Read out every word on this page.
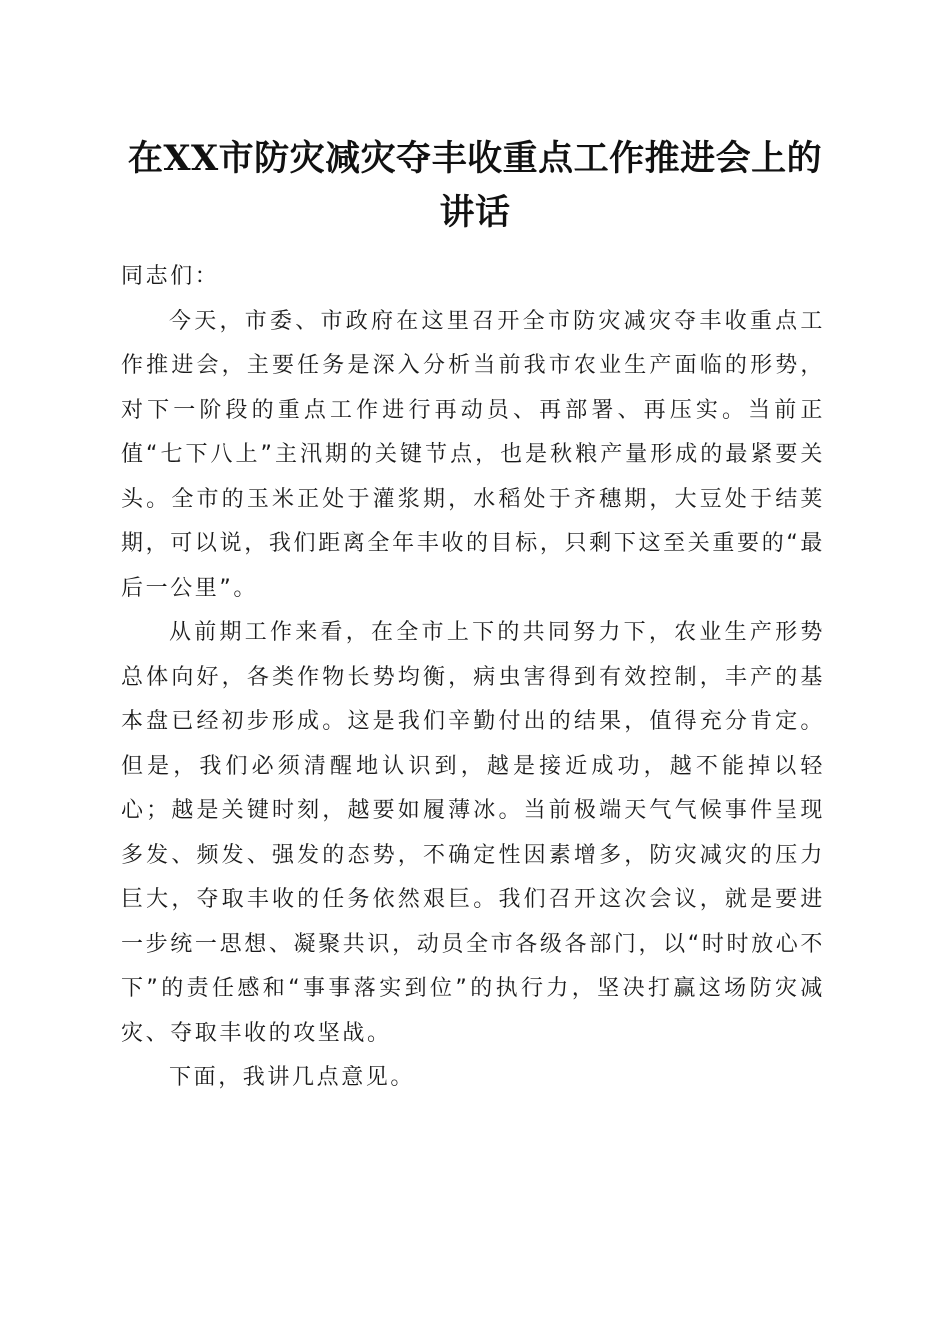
在XX市防灾减灾夺丰收重点工作推进会上的
讲话

同志们：

今天，市委、市政府在这里召开全市防灾减灾夺丰收重点工作推进会，主要任务是深入分析当前我市农业生产面临的形势，对下一阶段的重点工作进行再动员、再部署、再压实。当前正值“七下八上”主汛期的关键节点，也是秋粮产量形成的最紧要关头。全市的玉米正处于灌浆期，水稻处于齐穗期，大豆处于结荚期，可以说，我们距离全年丰收的目标，只剩下这至关重要的“最后一公里”。

从前期工作来看，在全市上下的共同努力下，农业生产形势总体向好，各类作物长势均衡，病虫害得到有效控制，丰产的基本盘已经初步形成。这是我们辛勤付出的结果，值得充分肯定。但是，我们必须清醒地认识到，越是接近成功，越不能掉以轻心；越是关键时刻，越要如履薄冰。当前极端天气气候事件呈现多发、频发、强发的态势，不确定性因素增多，防灾减灾的压力巨大，夺取丰收的任务依然艰巨。我们召开这次会议，就是要进一步统一思想、凝聚共识，动员全市各级各部门，以“时时放心不下”的责任感和“事事落实到位”的执行力，坚决打赢这场防灾减灾、夺取丰收的攻坚战。

下面，我讲几点意见。
